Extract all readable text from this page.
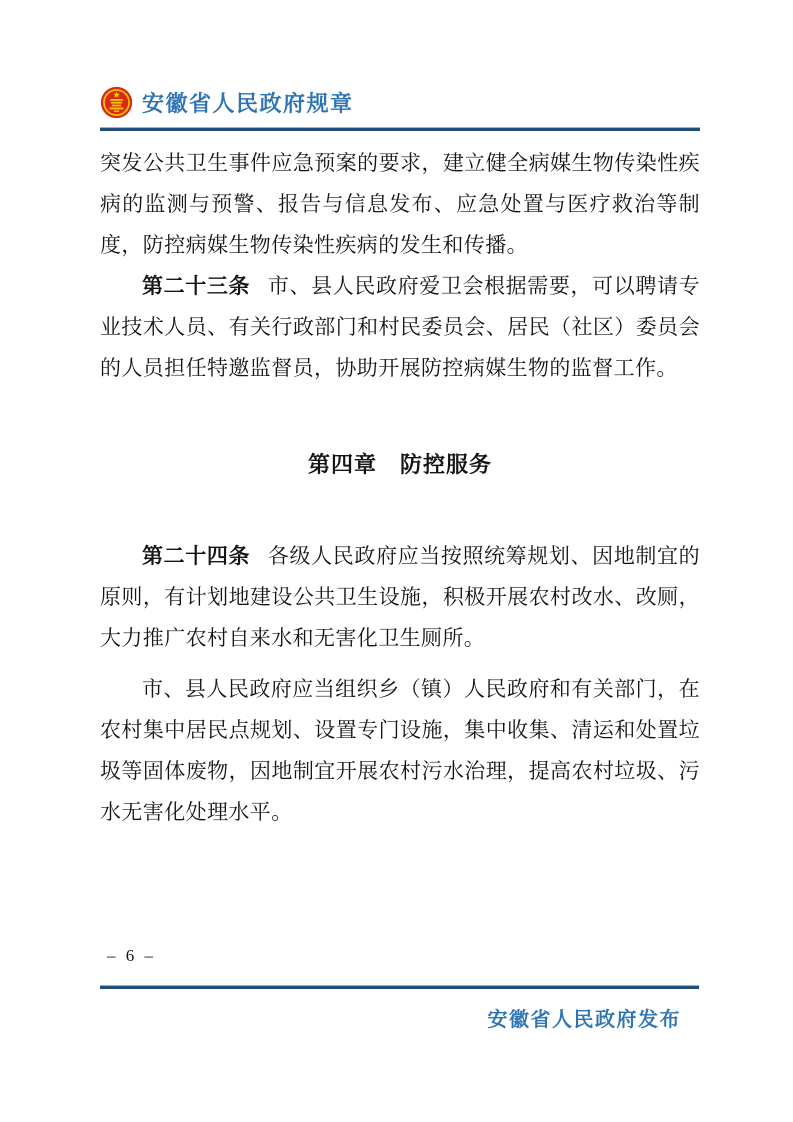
安徽省人民政府规章

突发公共卫生事件应急预案的要求，建立健全病媒生物传染性疾病的监测与预警、报告与信息发布、应急处置与医疗救治等制度，防控病媒生物传染性疾病的发生和传播。

第二十三条 市、县人民政府爱卫会根据需要，可以聘请专业技术人员、有关行政部门和村民委员会、居民（社区）委员会的人员担任特邀监督员，协助开展防控病媒生物的监督工作。

第四章　防控服务

第二十四条 各级人民政府应当按照统筹规划、因地制宜的原则，有计划地建设公共卫生设施，积极开展农村改水、改厕，大力推广农村自来水和无害化卫生厕所。

市、县人民政府应当组织乡（镇）人民政府和有关部门，在农村集中居民点规划、设置专门设施，集中收集、清运和处置垃圾等固体废物，因地制宜开展农村污水治理，提高农村垃圾、污水无害化处理水平。

– 6 –
安徽省人民政府发布
